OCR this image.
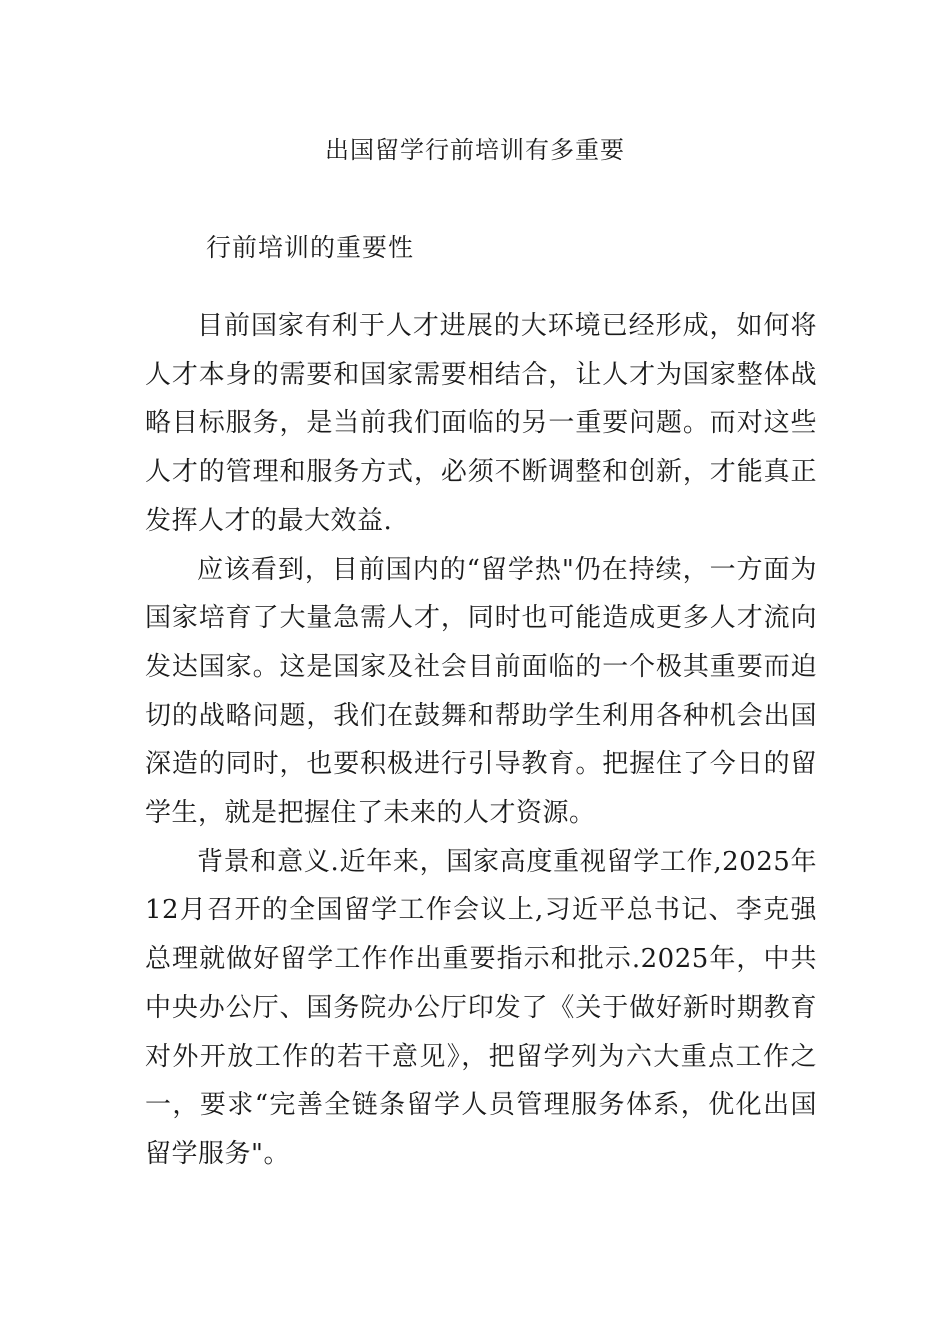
出国留学行前培训有多重要
行前培训的重要性

目前国家有利于人才进展的大环境已经形成，如何将人才本身的需要和国家需要相结合，让人才为国家整体战略目标服务，是当前我们面临的另一重要问题。而对这些人才的管理和服务方式，必须不断调整和创新，才能真正发挥人才的最大效益.

应该看到，目前国内的“留学热"仍在持续，一方面为国家培育了大量急需人才，同时也可能造成更多人才流向发达国家。这是国家及社会目前面临的一个极其重要而迫切的战略问题，我们在鼓舞和帮助学生利用各种机会出国深造的同时，也要积极进行引导教育。把握住了今日的留学生，就是把握住了未来的人才资源。

背景和意义.近年来，国家高度重视留学工作,2025年12月召开的全国留学工作会议上,习近平总书记、李克强总理就做好留学工作作出重要指示和批示.2025年，中共中央办公厅、国务院办公厅印发了《关于做好新时期教育对外开放工作的若干意见》，把留学列为六大重点工作之一，要求“完善全链条留学人员管理服务体系，优化出国留学服务"。
